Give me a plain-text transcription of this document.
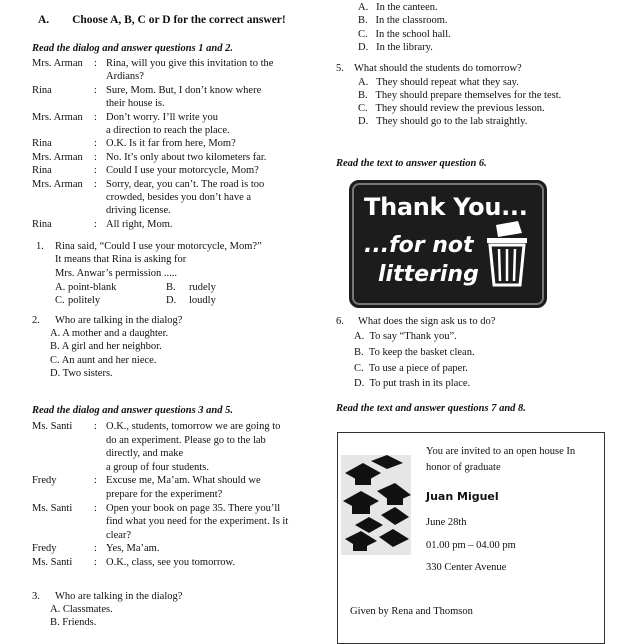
A. Choose A, B, C or D for the correct answer!
Read the dialog and answer questions 1 and 2.
Mrs. Arman : Rina, will you give this invitation to the
Ardians?
Rina	: Sure, Mom. But, I don’t know where
their house is.
Mrs. Arman : Don’t worry. I’ll write you
a direction to reach the place.
Rina	: O.K. Is it far from here, Mom?
Mrs. Arman : No. It’s only about two kilometers far.
Rina	: Could I use your motorcycle, Mom?
Mrs. Arman : Sorry, dear, you can’t. The road is too
crowded, besides you don’t have a
driving license.
Rina	: All right, Mom.
1. Rina said, “Could I use your motorcycle, Mom?”
It means that Rina is asking for
Mrs. Anwar’s permission .....
A. point-blank	B. rudely
C. politely	D. loudly
2. Who are talking in the dialog?
A. A mother and a daughter.
B. A girl and her neighbor.
C. An aunt and her niece.
D. Two sisters.
Read the dialog and answer questions 3 and 5.
Ms. Santi : O.K., students, tomorrow we are going to
do an experiment. Please go to the lab
directly, and make
a group of four students.
Fredy	: Excuse me, Ma’am. What should we
prepare for the experiment?
Ms. Santi : Open your book on page 35. There you’ll
find what you need for the experiment. Is it
clear?
Fredy	: Yes, Ma’am.
Ms. Santi : O.K., class, see you tomorrow.
3. Who are talking in the dialog?
A. Classmates.
B. Friends.
A. In the canteen.
B. In the classroom.
C. In the school hall.
D. In the library.
5. What should the students do tomorrow?
A. They should repeat what they say.
B. They should prepare themselves for the test.
C. They should review the previous lesson.
D. They should go to the lab straightly.
Read the text to answer question 6.
Thank You...
...for not
littering
6. What does the sign ask us to do?
A. To say “Thank you”.
B. To keep the basket clean.
C. To use a piece of paper.
D. To put trash in its place.
Read the text and answer questions 7 and 8.
You are invited to an open house In
honor of graduate
Juan Miguel
June 28th
01.00 pm – 04.00 pm
330 Center Avenue
Given by Rena and Thomson
